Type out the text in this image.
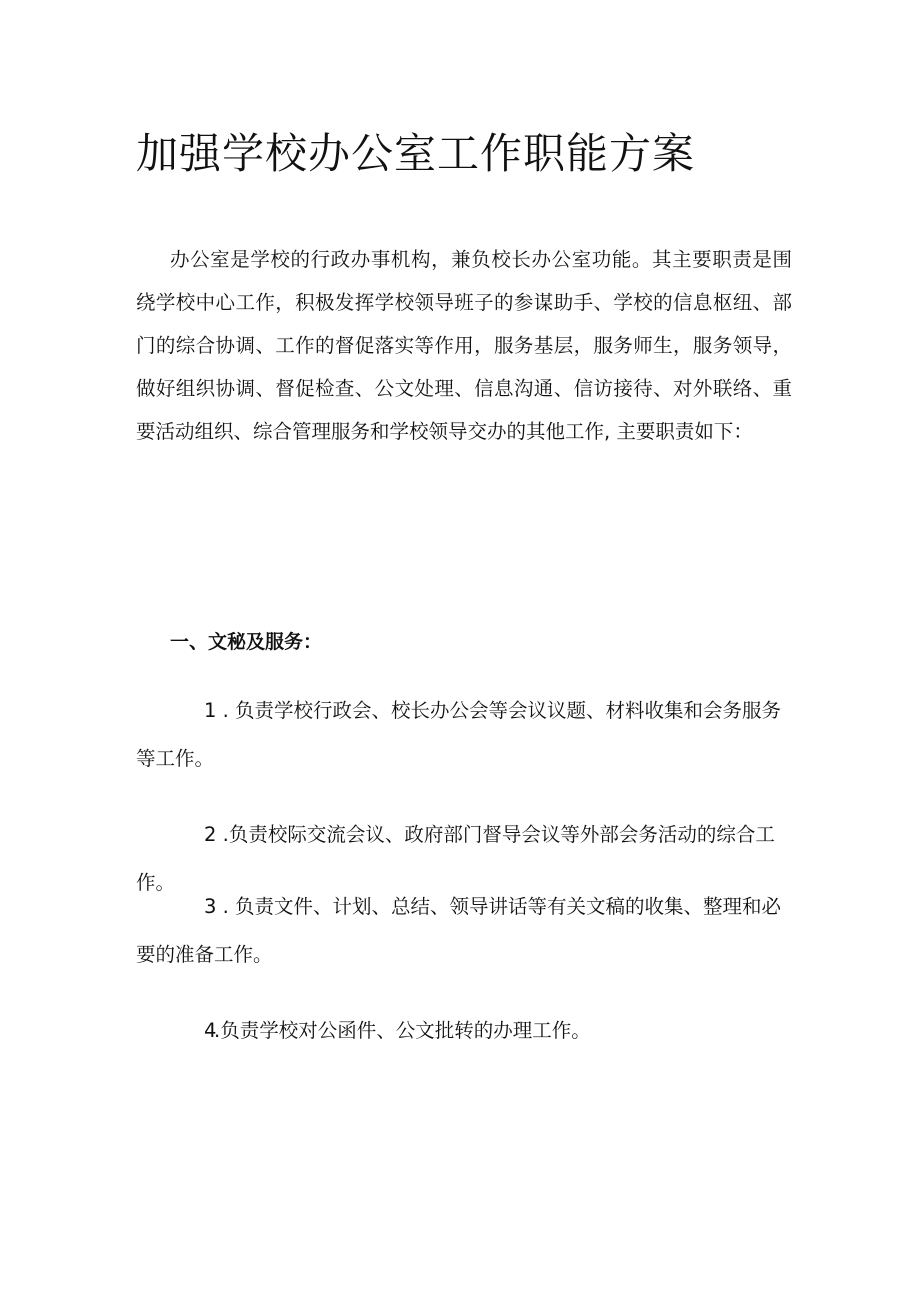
加强学校办公室工作职能方案

办公室是学校的行政办事机构，兼负校长办公室功能。其主要职责是围绕学校中心工作，积极发挥学校领导班子的参谋助手、学校的信息枢纽、部门的综合协调、工作的督促落实等作用，服务基层，服务师生，服务领导，做好组织协调、督促检查、公文处理、信息沟通、信访接待、对外联络、重要活动组织、综合管理服务和学校领导交办的其他工作, 主要职责如下：

一、文秘及服务：

1 . 负责学校行政会、校长办公会等会议议题、材料收集和会务服务等工作。

2 .负责校际交流会议、政府部门督导会议等外部会务活动的综合工作。

3 . 负责文件、计划、总结、领导讲话等有关文稿的收集、整理和必要的准备工作。

4.负责学校对公函件、公文批转的办理工作。
